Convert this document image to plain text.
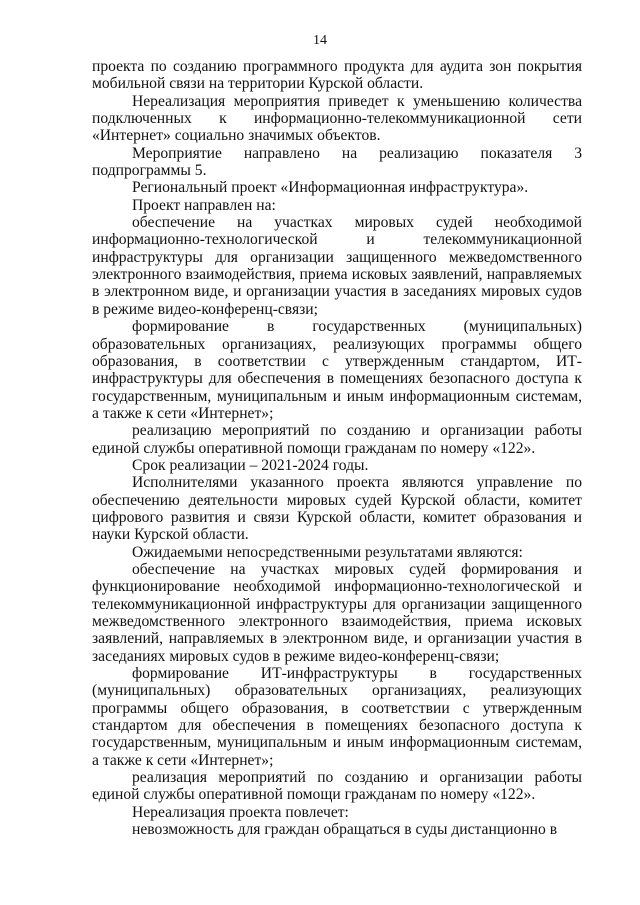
14

проекта по созданию программного продукта для аудита зон покрытия мобильной связи на территории Курской области.

Нереализация мероприятия приведет к уменьшению количества подключенных к информационно-телекоммуникационной сети «Интернет» социально значимых объектов.

Мероприятие направлено на реализацию показателя 3 подпрограммы 5.

Региональный проект «Информационная инфраструктура».

Проект направлен на:

обеспечение на участках мировых судей необходимой информационно-технологической и телекоммуникационной инфраструктуры для организации защищенного межведомственного электронного взаимодействия, приема исковых заявлений, направляемых в электронном виде, и организации участия в заседаниях мировых судов в режиме видео-конференц-связи;

формирование в государственных (муниципальных) образовательных организациях, реализующих программы общего образования, в соответствии с утвержденным стандартом, ИТ-инфраструктуры для обеспечения в помещениях безопасного доступа к государственным, муниципальным и иным информационным системам, а также к сети «Интернет»;

реализацию мероприятий по созданию и организации работы единой службы оперативной помощи гражданам по номеру «122».

Срок реализации – 2021-2024 годы.

Исполнителями указанного проекта являются управление по обеспечению деятельности мировых судей Курской области, комитет цифрового развития и связи Курской области, комитет образования и науки Курской области.

Ожидаемыми непосредственными результатами являются:

обеспечение на участках мировых судей формирования и функционирование необходимой информационно-технологической и телекоммуникационной инфраструктуры для организации защищенного межведомственного электронного взаимодействия, приема исковых заявлений, направляемых в электронном виде, и организации участия в заседаниях мировых судов в режиме видео-конференц-связи;

формирование ИТ-инфраструктуры в государственных (муниципальных) образовательных организациях, реализующих программы общего образования, в соответствии с утвержденным стандартом для обеспечения в помещениях безопасного доступа к государственным, муниципальным и иным информационным системам, а также к сети «Интернет»;

реализация мероприятий по созданию и организации работы единой службы оперативной помощи гражданам по номеру «122».

Нереализация проекта повлечет:

невозможность для граждан обращаться в суды дистанционно в
